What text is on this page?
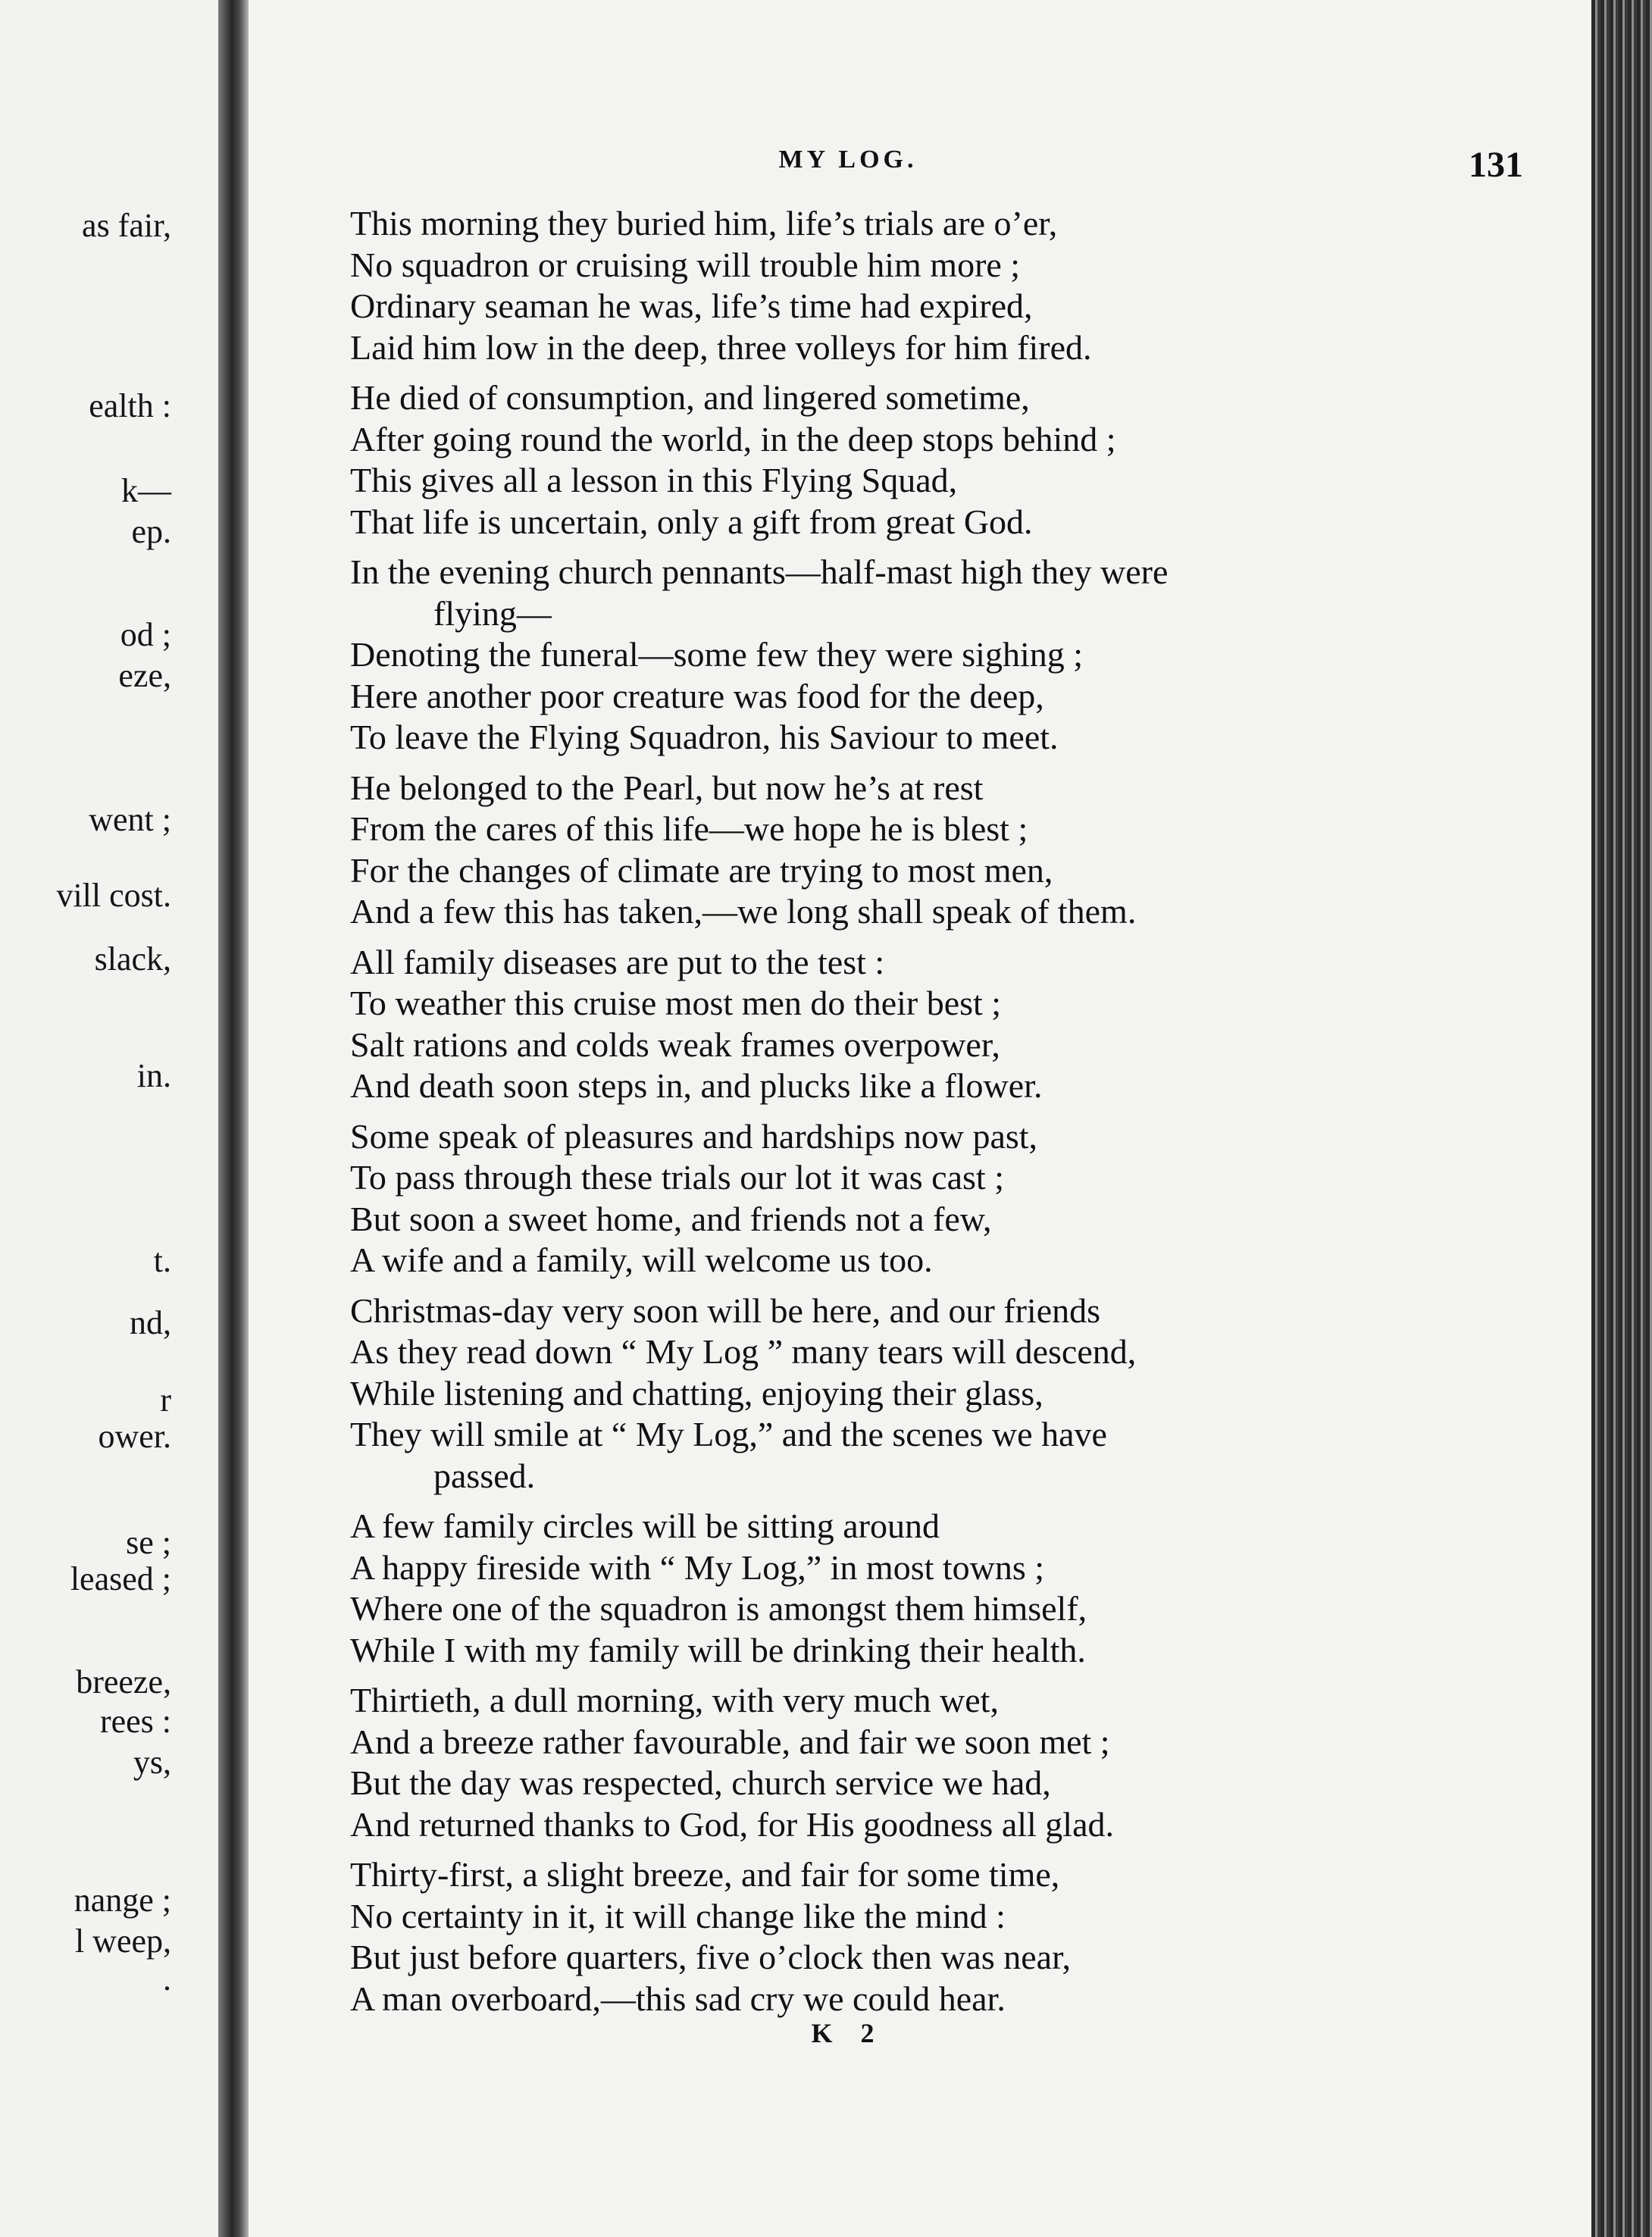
as fair,

ealth :

k—

ep.

od ;

eze,

went ;

vill cost.

slack,

in.

t.

nd,

r

ower.

se ;

leased ;

breeze,

rees :

ys,

nange ;

l weep,

.

MY LOG.	131

This morning they buried him, life’s trials are o’er,

No squadron or cruising will trouble him more ;

Ordinary seaman he was, life’s time had expired,

Laid him low in the deep, three volleys for him fired.

He died of consumption, and lingered sometime,

After going round the world, in the deep stops behind ;

This gives all a lesson in this Flying Squad,

That life is uncertain, only a gift from great God.

In the evening church pennants—half-mast high they were

flying—

Denoting the funeral—some few they were sighing ;

Here another poor creature was food for the deep,

To leave the Flying Squadron, his Saviour to meet.

He belonged to the Pearl, but now he’s at rest

From the cares of this life—we hope he is blest ;

For the changes of climate are trying to most men,

And a few this has taken,—we long shall speak of them.

All family diseases are put to the test :

To weather this cruise most men do their best ;

Salt rations and colds weak frames overpower,

And death soon steps in, and plucks like a flower.

Some speak of pleasures and hardships now past,

To pass through these trials our lot it was cast ;

But soon a sweet home, and friends not a few,

A wife and a family, will welcome us too.

Christmas-day very soon will be here, and our friends

As they read down “ My Log ” many tears will descend,

While listening and chatting, enjoying their glass,

They will smile at “ My Log,” and the scenes we have

passed.

A few family circles will be sitting around

A happy fireside with “ My Log,” in most towns ;

Where one of the squadron is amongst them himself,

While I with my family will be drinking their health.

Thirtieth, a dull morning, with very much wet,

And a breeze rather favourable, and fair we soon met ;

But the day was respected, church service we had,

And returned thanks to God, for His goodness all glad.

Thirty-first, a slight breeze, and fair for some time,

No certainty in it, it will change like the mind :

But just before quarters, five o’clock then was near,

A man overboard,—this sad cry we could hear.

K 2
